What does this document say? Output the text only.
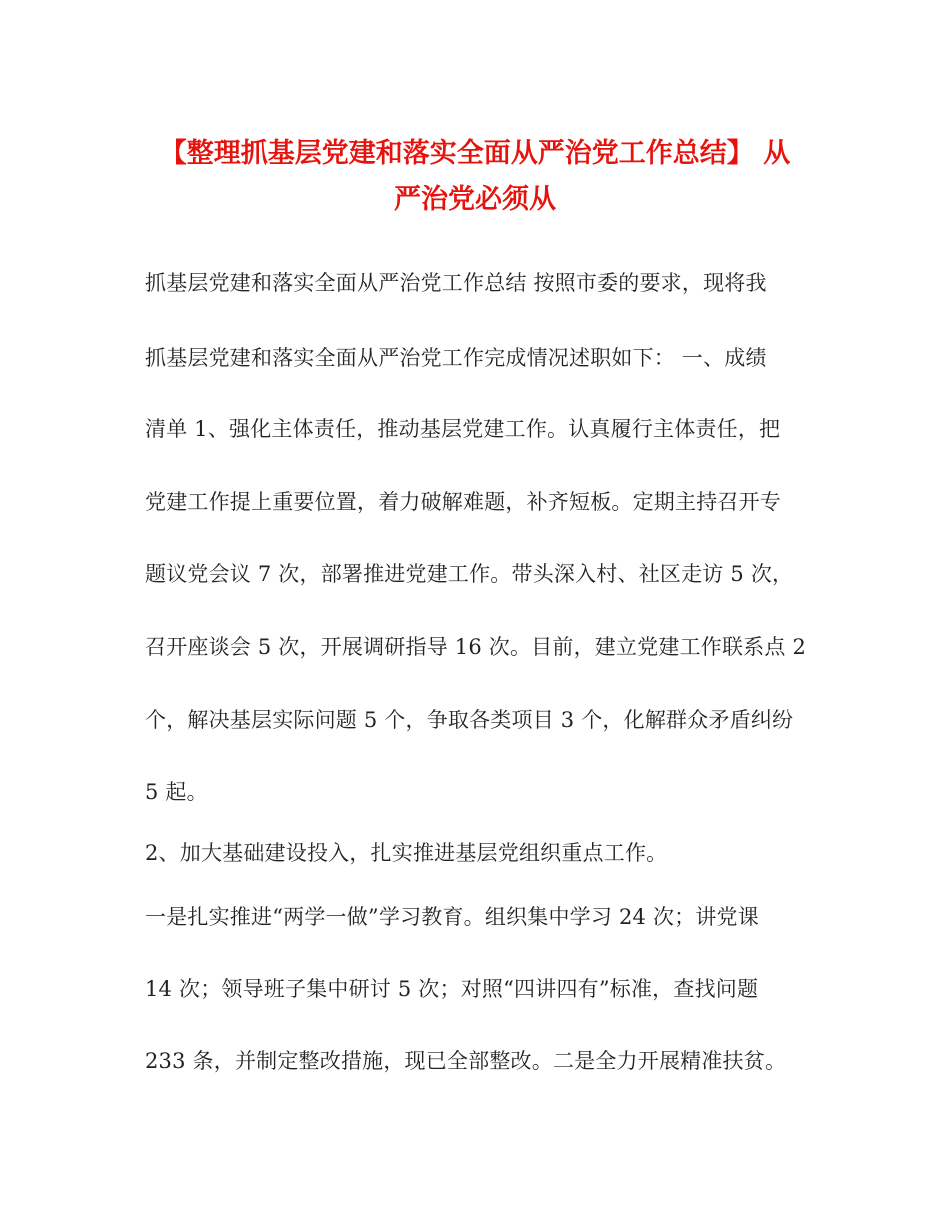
【整理抓基层党建和落实全面从严治党工作总结】 从
严治党必须从
抓基层党建和落实全面从严治党工作总结 按照市委的要求，现将我
抓基层党建和落实全面从严治党工作完成情况述职如下： 一、成绩
清单 1、强化主体责任，推动基层党建工作。认真履行主体责任，把
党建工作提上重要位置，着力破解难题，补齐短板。定期主持召开专
题议党会议 7 次，部署推进党建工作。带头深入村、社区走访 5 次，
召开座谈会 5 次，开展调研指导 16 次。目前，建立党建工作联系点 2
个，解决基层实际问题 5 个，争取各类项目 3 个，化解群众矛盾纠纷
5 起。
2、加大基础建设投入，扎实推进基层党组织重点工作。
一是扎实推进“两学一做”学习教育。组织集中学习 24 次；讲党课
14 次；领导班子集中研讨 5 次；对照“四讲四有”标准，查找问题
233 条，并制定整改措施，现已全部整改。二是全力开展精准扶贫。
